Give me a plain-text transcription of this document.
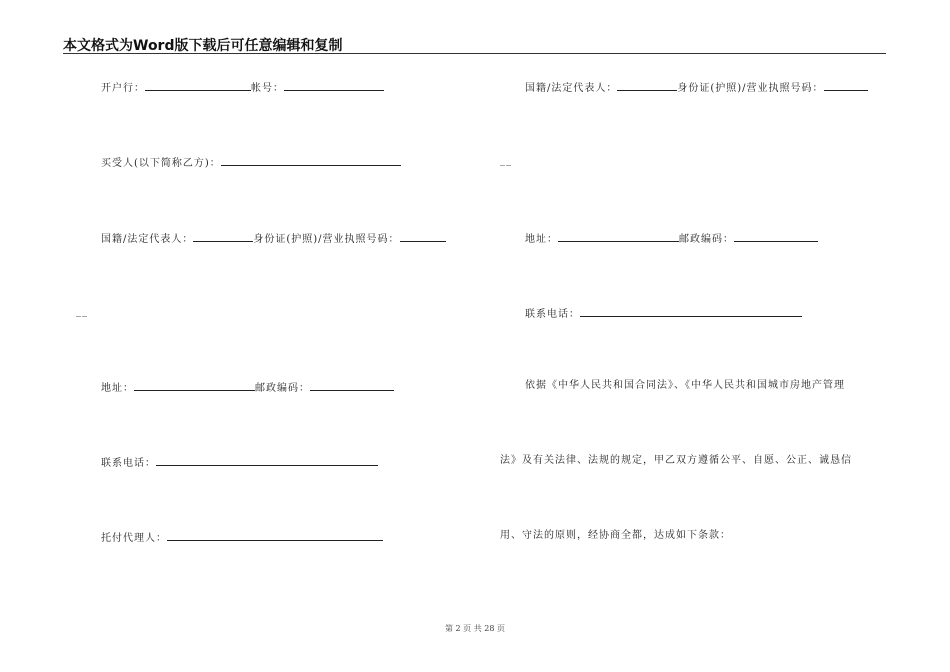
本文格式为Word版下载后可任意编辑和复制
开户行：	帐号：
买受人(以下简称乙方)：
国籍/法定代表人：	身份证(护照)/营业执照号码：
__
地址：	邮政编码：
联系电话：
托付代理人：
国籍/法定代表人：	身份证(护照)/营业执照号码：
__
地址：	邮政编码：
联系电话：
依据《中华人民共和国合同法》、《中华人民共和国城市房地产管理
法》及有关法律、法规的规定，甲乙双方遵循公平、自愿、公正、诚恳信
用、守法的原则，经协商全都，达成如下条款：
第 2 页 共 28 页
